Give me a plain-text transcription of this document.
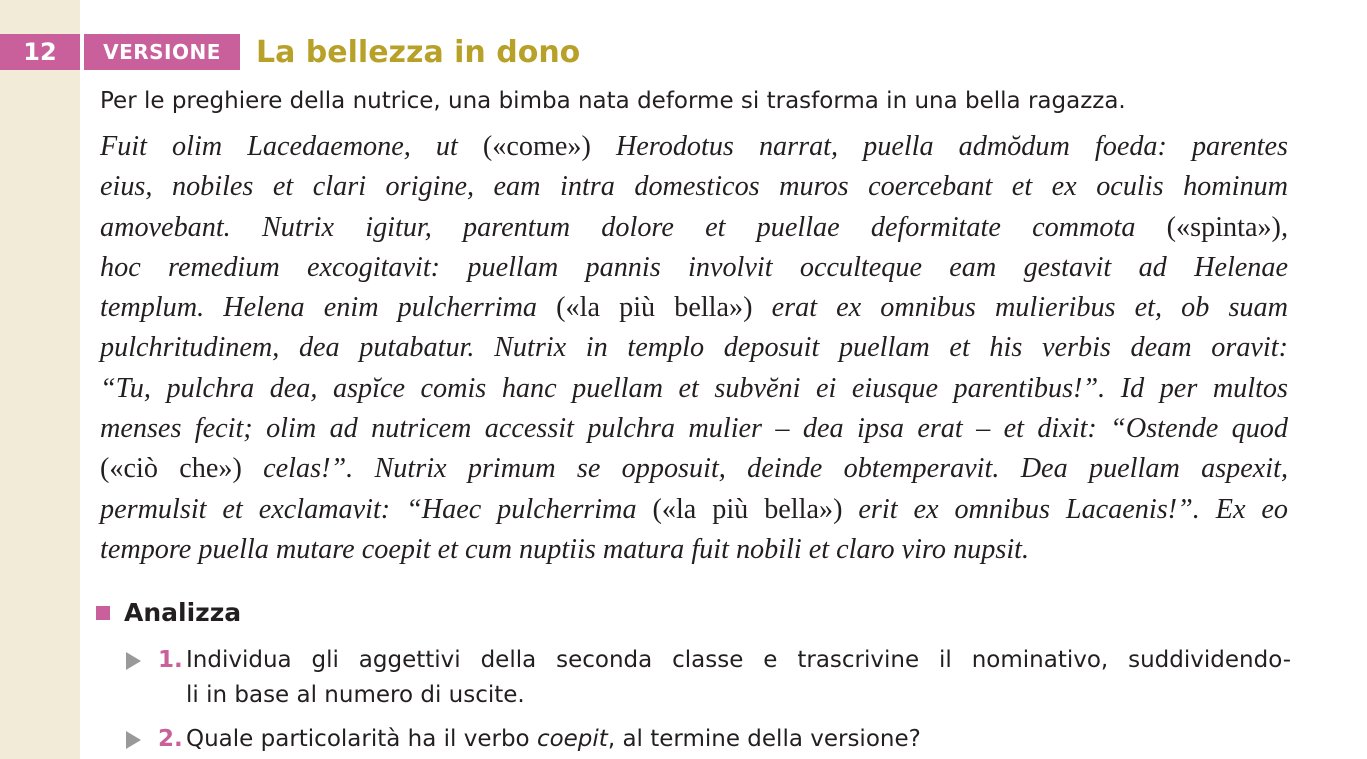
12	VERSIONE	La bellezza in dono
Per le preghiere della nutrice, una bimba nata deforme si trasforma in una bella ragazza.
Fuit olim Lacedaemone, ut («come») Herodotus narrat, puella admŏdum foeda: parentes
eius, nobiles et clari origine, eam intra domesticos muros coercebant et ex oculis hominum
amovebant. Nutrix igitur, parentum dolore et puellae deformitate commota («spinta»),
hoc remedium excogitavit: puellam pannis involvit occulteque eam gestavit ad Helenae
templum. Helena enim pulcherrima («la più bella») erat ex omnibus mulieribus et, ob suam
pulchritudinem, dea putabatur. Nutrix in templo deposuit puellam et his verbis deam oravit:
“Tu, pulchra dea, aspĭce comis hanc puellam et subvĕni ei eiusque parentibus!”. Id per multos
menses fecit; olim ad nutricem accessit pulchra mulier – dea ipsa erat – et dixit: “Ostende quod
(«ciò che») celas!”. Nutrix primum se opposuit, deinde obtemperavit. Dea puellam aspexit,
permulsit et exclamavit: “Haec pulcherrima («la più bella») erit ex omnibus Lacaenis!”. Ex eo
tempore puella mutare coepit et cum nuptiis matura fuit nobili et claro viro nupsit.
Analizza
1. Individua gli aggettivi della seconda classe e trascrivine il nominativo, suddividendo-
li in base al numero di uscite.
2. Quale particolarità ha il verbo coepit, al termine della versione?
